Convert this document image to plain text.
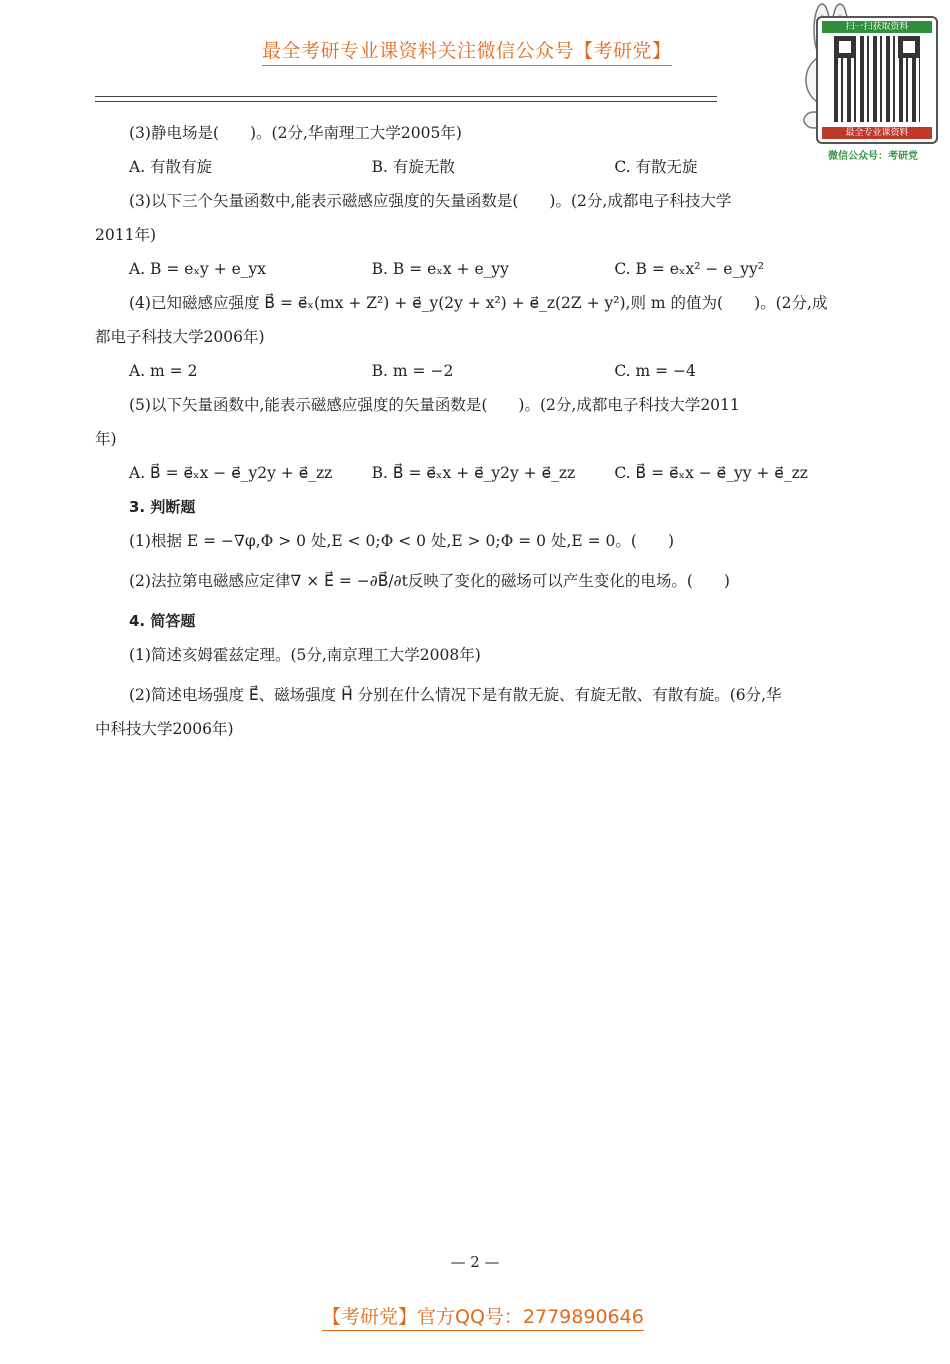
最全考研专业课资料关注微信公众号【考研党】
扫一扫获取资料
最全专业课资料
微信公众号：考研党

(3)静电场是(　　)。(2分,华南理工大学2005年)

A. 有散有旋	B. 有旋无散	C. 有散无旋

(3)以下三个矢量函数中,能表示磁感应强度的矢量函数是(　　)。(2分,成都电子科技大学

2011年)

A. B = eₓy + e_yx	B. B = eₓx + e_yy	C. B = eₓx² − e_yy²

(4)已知磁感应强度 B⃗ = e⃗ₓ(mx + Z²) + e⃗_y(2y + x²) + e⃗_z(2Z + y²),则 m 的值为(　　)。(2分,成

都电子科技大学2006年)

A. m = 2	B. m = −2	C. m = −4

(5)以下矢量函数中,能表示磁感应强度的矢量函数是(　　)。(2分,成都电子科技大学2011

年)

A. B⃗ = e⃗ₓx − e⃗_y2y + e⃗_zz	B. B⃗ = e⃗ₓx + e⃗_y2y + e⃗_zz	C. B⃗ = e⃗ₓx − e⃗_yy + e⃗_zz

3. 判断题

(1)根据 E = −∇φ,Φ > 0 处,E < 0;Φ < 0 处,E > 0;Φ = 0 处,E = 0。(　　)

(2)法拉第电磁感应定律∇ × E⃗ = −∂B⃗/∂t反映了变化的磁场可以产生变化的电场。(　　)

4. 简答题

(1)简述亥姆霍兹定理。(5分,南京理工大学2008年)

(2)简述电场强度 E⃗、磁场强度 H⃗ 分别在什么情况下是有散无旋、有旋无散、有散有旋。(6分,华

中科技大学2006年)

— 2 —
【考研党】官方QQ号：2779890646
